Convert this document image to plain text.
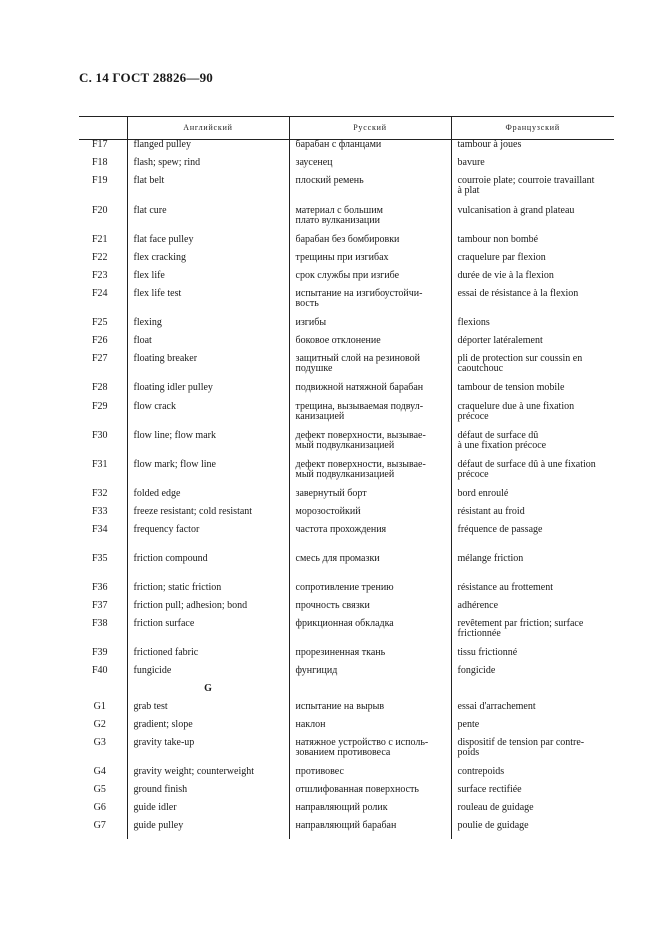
С. 14 ГОСТ 28826—90
	Английский	Русский	Французский

F17	flanged pulley	барабан с фланцами	tambour à joues

F18	flash; spew; rind	заусенец	bavure

F19	flat belt	плоский ремень	courroie plate; courroie travaillant
à plat

F20	flat cure	материал с большим
плато вулканизации	vulcanisation à grand plateau

F21	flat face pulley	барабан без бомбировки	tambour non bombé

F22	flex cracking	трещины при изгибах	craquelure par flexion

F23	flex life	срок службы при изгибе	durée de vie à la flexion

F24	flex life test	испытание на изгибоустойчи-
вость	essai de résistance à la flexion

F25	flexing	изгибы	flexions

F26	float	боковое отклонение	déporter latéralement

F27	floating breaker	защитный слой на резиновой
подушке	pli de protection sur coussin en
caoutchouc

F28	floating idler pulley	подвижной натяжной барабан	tambour de tension mobile

F29	flow crack	трещина, вызываемая подвул-
канизацией	craquelure due à une fixation
précoce

F30	flow line; flow mark	дефект поверхности, вызывае-
мый подвулканизацией	défaut de surface dû
à une fixation précoce

F31	flow mark; flow line	дефект поверхности, вызывае-
мый подвулканизацией	défaut de surface dû à une fixation
précoce

F32	folded edge	завернутый борт	bord enroulé

F33	freeze resistant; cold resistant	морозостойкий	résistant au froid

F34	frequency factor	частота прохождения	fréquence de passage

F35	friction compound	смесь для промазки	mélange friction

F36	friction; static friction	сопротивление трению	résistance au frottement

F37	friction pull; adhesion; bond	прочность связки	adhérence

F38	friction surface	фрикционная обкладка	revêtement par friction; surface
frictionnée

F39	frictioned fabric	прорезиненная ткань	tissu frictionné

F40	fungicide	фунгицид	fongicide

	G		

G1	grab test	испытание на вырыв	essai d'arrachement

G2	gradient; slope	наклон	pente

G3	gravity take-up	натяжное устройство с исполь-
зованием противовеса	dispositif de tension par contre-
poids

G4	gravity weight; counterweight	противовес	contrepoids

G5	ground finish	отшлифованная поверхность	surface rectifiée

G6	guide idler	направляющий ролик	rouleau de guidage

G7	guide pulley	направляющий барабан	poulie de guidage
